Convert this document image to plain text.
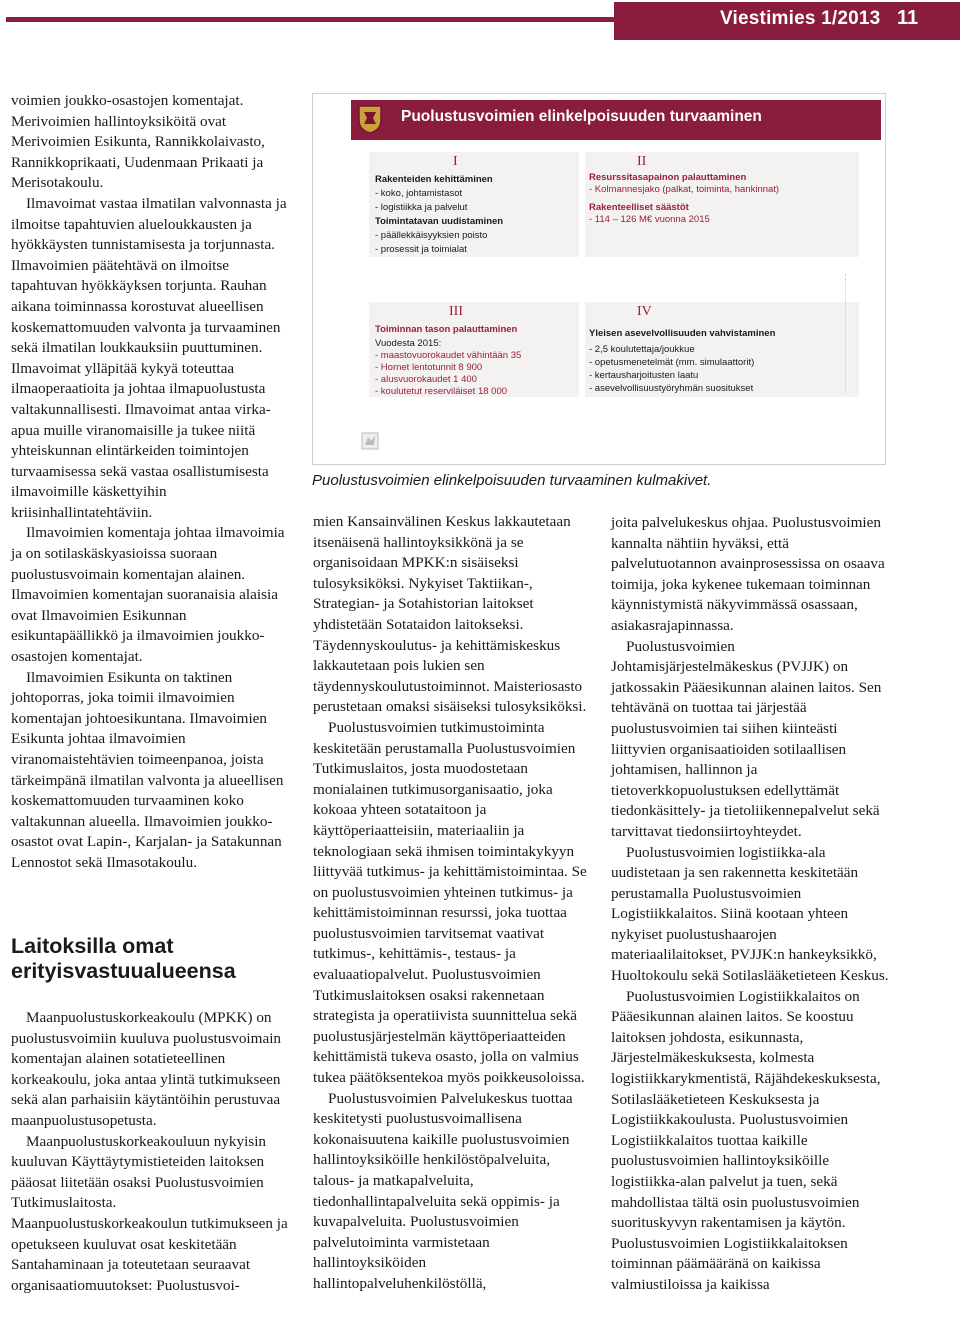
Viestimies 1/2013 11

voimien joukko-osastojen komentajat. Merivoimien hallintoyksiköitä ovat Merivoimien Esikunta, Rannikkolaivasto, Rannikkoprikaati, Uudenmaan Prikaati ja Merisotakoulu.

Ilmavoimat vastaa ilmatilan valvonnasta ja ilmoitse tapahtuvien alueloukkausten ja hyökkäysten tunnistamisesta ja torjunnasta. Ilmavoimien päätehtävä on ilmoitse tapahtuvan hyökkäyksen torjunta. Rauhan aikana toiminnassa korostuvat alueellisen koskemattomuuden valvonta ja turvaaminen sekä ilmatilan loukkauksiin puuttuminen. Ilmavoimat ylläpitää kykyä toteuttaa ilmaoperaatioita ja johtaa ilmapuolustusta valtakunnallisesti. Ilmavoimat antaa virka-apua muille viranomaisille ja tukee niitä yhteiskunnan elintärkeiden toimintojen turvaamisessa sekä vastaa osallistumisesta ilmavoimille käskettyihin kriisinhallintatehtäviin.

Ilmavoimien komentaja johtaa ilmavoimia ja on sotilaskäskyasioissa suoraan puolustusvoimain komentajan alainen. Ilmavoimien komentajan suoranaisia alaisia ovat Ilmavoimien Esikunnan esikuntapäällikkö ja ilmavoimien joukko-osastojen komentajat.

Ilmavoimien Esikunta on taktinen johtoporras, joka toimii ilmavoimien komentajan johtoesikuntana. Ilmavoimien Esikunta johtaa ilmavoimien viranomaistehtävien toimeenpanoa, joista tärkeimpänä ilmatilan valvonta ja alueellisen koskemattomuuden turvaaminen koko valtakunnan alueella. Ilmavoimien joukko-osastot ovat Lapin-, Karjalan- ja Satakunnan Lennostot sekä Ilmasotakoulu.

Laitoksilla omat erityisvastuualueensa

Maanpuolustuskorkeakoulu (MPKK) on puolustusvoimiin kuuluva puolustusvoimain komentajan alainen sotatieteellinen korkeakoulu, joka antaa ylintä tutkimukseen sekä alan parhaisiin käytäntöihin perustuvaa maanpuolustusopetusta.

Maanpuolustuskorkeakouluun nykyisin kuuluvan Käyttäytymistieteiden laitoksen pääosat liitetään osaksi Puolustusvoimien Tutkimuslaitosta. Maanpuolustuskorkeakoulun tutkimukseen ja opetukseen kuuluvat osat keskitetään Santahaminaan ja toteutetaan seuraavat organisaatiomuutokset: Puolustusvoi-

Puolustusvoimien elinkelpoisuuden turvaaminen
I
Rakenteiden kehittäminen
- koko, johtamistasot
- logistiikka ja palvelut
Toimintatavan uudistaminen
- päällekkäisyyksien poisto
- prosessit ja toimialat
II
Resurssitasapainon palauttaminen
- Kolmannesjako (palkat, toiminta, hankinnat)
Rakenteelliset säästöt
- 114 – 126 M€ vuonna 2015
III
Toiminnan tason palauttaminen
Vuodesta 2015:
- maastovuorokaudet vähintään 35
- Hornet lentotunnit 8 900
- alusvuorokaudet 1 400
- koulutetut reserviläiset 18 000
IV
Yleisen asevelvollisuuden vahvistaminen
- 2,5 koulutettaja/joukkue
- opetusmenetelmät (mm. simulaattorit)
- kertausharjoitusten laatu
- asevelvollisuustyöryhmän suositukset
Puolustusvoimien elinkelpoisuuden turvaaminen kulmakivet.

mien Kansainvälinen Keskus lakkautetaan itsenäisenä hallintoyksikkönä ja se organisoidaan MPKK:n sisäiseksi tulosyksiköksi. Nykyiset Taktiikan-, Strategian- ja Sotahistorian laitokset yhdistetään Sotataidon laitokseksi. Täydennyskoulutus- ja kehittämiskeskus lakkautetaan pois lukien sen täydennyskoulutustoiminnot. Maisteriosasto perustetaan omaksi sisäiseksi tulosyksiköksi.

Puolustusvoimien tutkimustoiminta keskitetään perustamalla Puolustusvoimien Tutkimuslaitos, josta muodostetaan monialainen tutkimusorganisaatio, joka kokoaa yhteen sotataitoon ja käyttöperiaatteisiin, materiaaliin ja teknologiaan sekä ihmisen toimintakykyyn liittyvää tutkimus- ja kehittämistoimintaa. Se on puolustusvoimien yhteinen tutkimus- ja kehittämistoiminnan resurssi, joka tuottaa puolustusvoimien tarvitsemat vaativat tutkimus-, kehittämis-, testaus- ja evaluaatiopalvelut. Puolustusvoimien Tutkimuslaitoksen osaksi rakennetaan strategista ja operatiivista suunnittelua sekä puolustusjärjestelmän käyttöperiaatteiden kehittämistä tukeva osasto, jolla on valmius tukea päätöksentekoa myös poikkeusoloissa.

Puolustusvoimien Palvelukeskus tuottaa keskitetysti puolustusvoimallisena kokonaisuutena kaikille puolustusvoimien hallintoyksiköille henkilöstöpalveluita, talous- ja matkapalveluita, tiedonhallintapalveluita sekä oppimis- ja kuvapalveluita. Puolustusvoimien palvelutoiminta varmistetaan hallintoyksiköiden hallintopalveluhenkilöstöllä,

joita palvelukeskus ohjaa. Puolustusvoimien kannalta nähtiin hyväksi, että palvelutuotannon avainprosessissa on osaava toimija, joka kykenee tukemaan toiminnan käynnistymistä näkyvimmässä osassaan, asiakasrajapinnassa.

Puolustusvoimien Johtamisjärjestelmäkeskus (PVJJK) on jatkossakin Pääesikunnan alainen laitos. Sen tehtävänä on tuottaa tai järjestää puolustusvoimien tai siihen kiinteästi liittyvien organisaatioiden sotilaallisen johtamisen, hallinnon ja tietoverkkopuolustuksen edellyttämät tiedonkäsittely- ja tietoliikennepalvelut sekä tarvittavat tiedonsiirtoyhteydet.

Puolustusvoimien logistiikka-ala uudistetaan ja sen rakennetta keskitetään perustamalla Puolustusvoimien Logistiikkalaitos. Siinä kootaan yhteen nykyiset puolustushaarojen materiaalilaitokset, PVJJK:n hankeyksikkö, Huoltokoulu sekä Sotilaslääketieteen Keskus.

Puolustusvoimien Logistiikkalaitos on Pääesikunnan alainen laitos. Se koostuu laitoksen johdosta, esikunnasta, Järjestelmäkeskuksesta, kolmesta logistiikkarykmentistä, Räjähdekeskuksesta, Sotilaslääketieteen Keskuksesta ja Logistiikkakoulusta. Puolustusvoimien Logistiikkalaitos tuottaa kaikille puolustusvoimien hallintoyksiköille logistiikka-alan palvelut ja tuen, sekä mahdollistaa tältä osin puolustusvoimien suorituskyvyn rakentamisen ja käytön. Puolustusvoimien Logistiikkalaitoksen toiminnan päämääränä on kaikissa valmiustiloissa ja kaikissa
